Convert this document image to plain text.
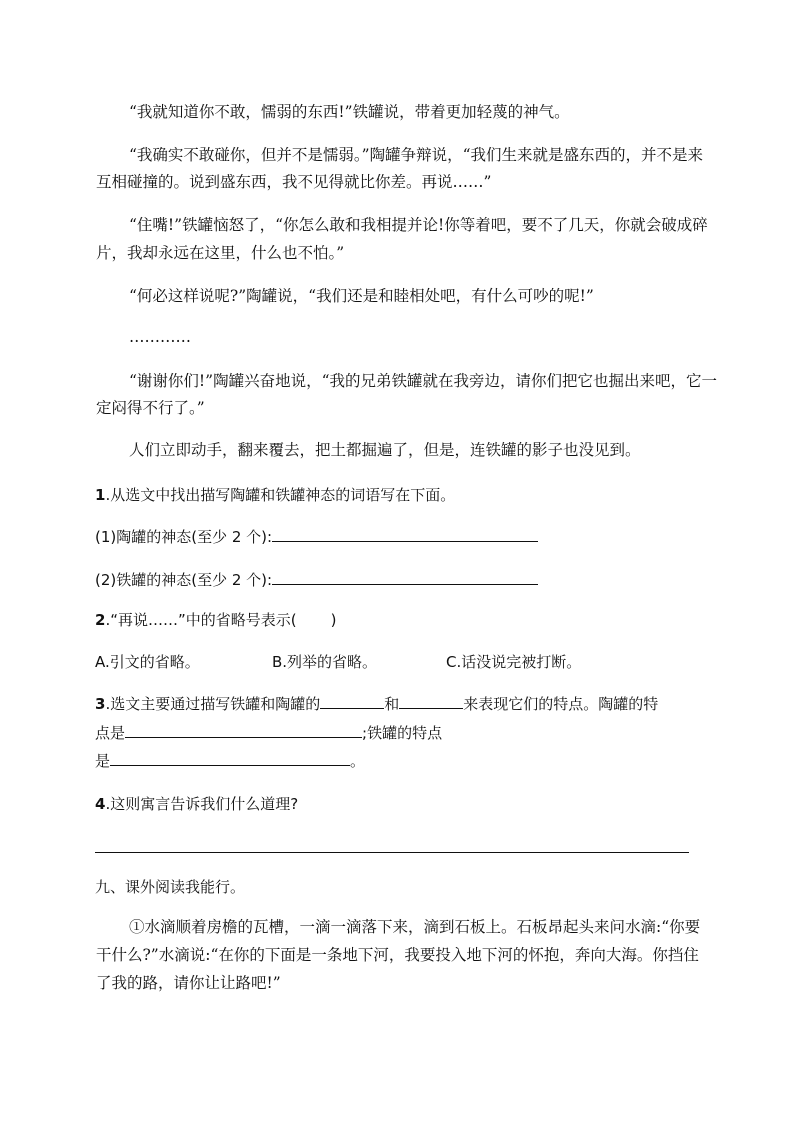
“我就知道你不敢，懦弱的东西!”铁罐说，带着更加轻蔑的神气。

“我确实不敢碰你，但并不是懦弱。”陶罐争辩说，“我们生来就是盛东西的，并不是来

互相碰撞的。说到盛东西，我不见得就比你差。再说……”

“住嘴!”铁罐恼怒了，“你怎么敢和我相提并论!你等着吧，要不了几天，你就会破成碎

片，我却永远在这里，什么也不怕。”

“何必这样说呢?”陶罐说，“我们还是和睦相处吧，有什么可吵的呢!”

…………

“谢谢你们!”陶罐兴奋地说，“我的兄弟铁罐就在我旁边，请你们把它也掘出来吧，它一

定闷得不行了。”

人们立即动手，翻来覆去，把土都掘遍了，但是，连铁罐的影子也没见到。

1.从选文中找出描写陶罐和铁罐神态的词语写在下面。

(1)陶罐的神态(至少 2 个):

(2)铁罐的神态(至少 2 个):

2.“再说……”中的省略号表示( )

A.引文的省略。	B.列举的省略。	C.话没说完被打断。

3.选文主要通过描写铁罐和陶罐的	和	来表现它们的特点。陶罐的特

点是	;铁罐的特点

是	。

4.这则寓言告诉我们什么道理?

九、课外阅读我能行。

①水滴顺着房檐的瓦槽，一滴一滴落下来，滴到石板上。石板昂起头来问水滴:“你要

干什么?”水滴说:“在你的下面是一条地下河，我要投入地下河的怀抱，奔向大海。你挡住

了我的路，请你让让路吧!”
